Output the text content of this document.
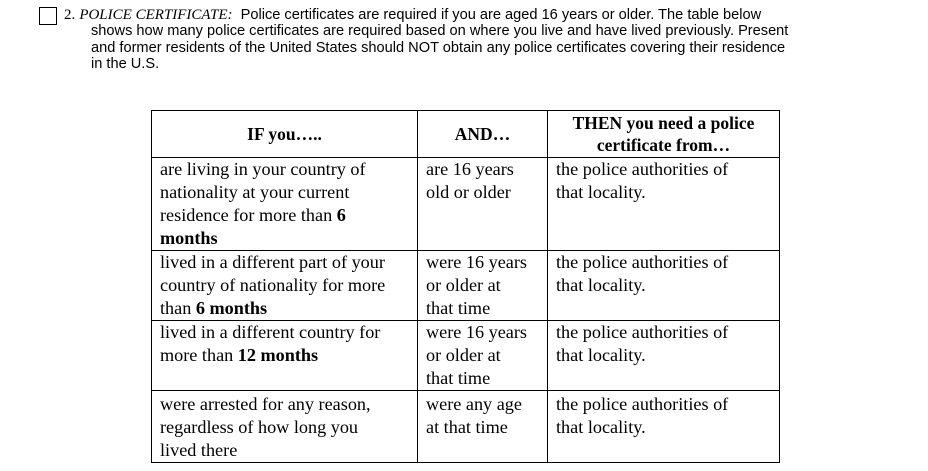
2. POLICE CERTIFICATE: Police certificates are required if you are aged 16 years or older. The table below
shows how many police certificates are required based on where you live and have lived previously. Present
and former residents of the United States should NOT obtain any police certificates covering their residence
in the U.S.
IF you…..	AND…	THEN you need a police
certificate from…

are living in your country of
nationality at your current
residence for more than 6
months	are 16 years
old or older	the police authorities of
that locality.

lived in a different part of your
country of nationality for more
than 6 months	were 16 years
or older at
that time	the police authorities of
that locality.

lived in a different country for
more than 12 months	were 16 years
or older at
that time	the police authorities of
that locality.

were arrested for any reason,
regardless of how long you
lived there	were any age
at that time	the police authorities of
that locality.
